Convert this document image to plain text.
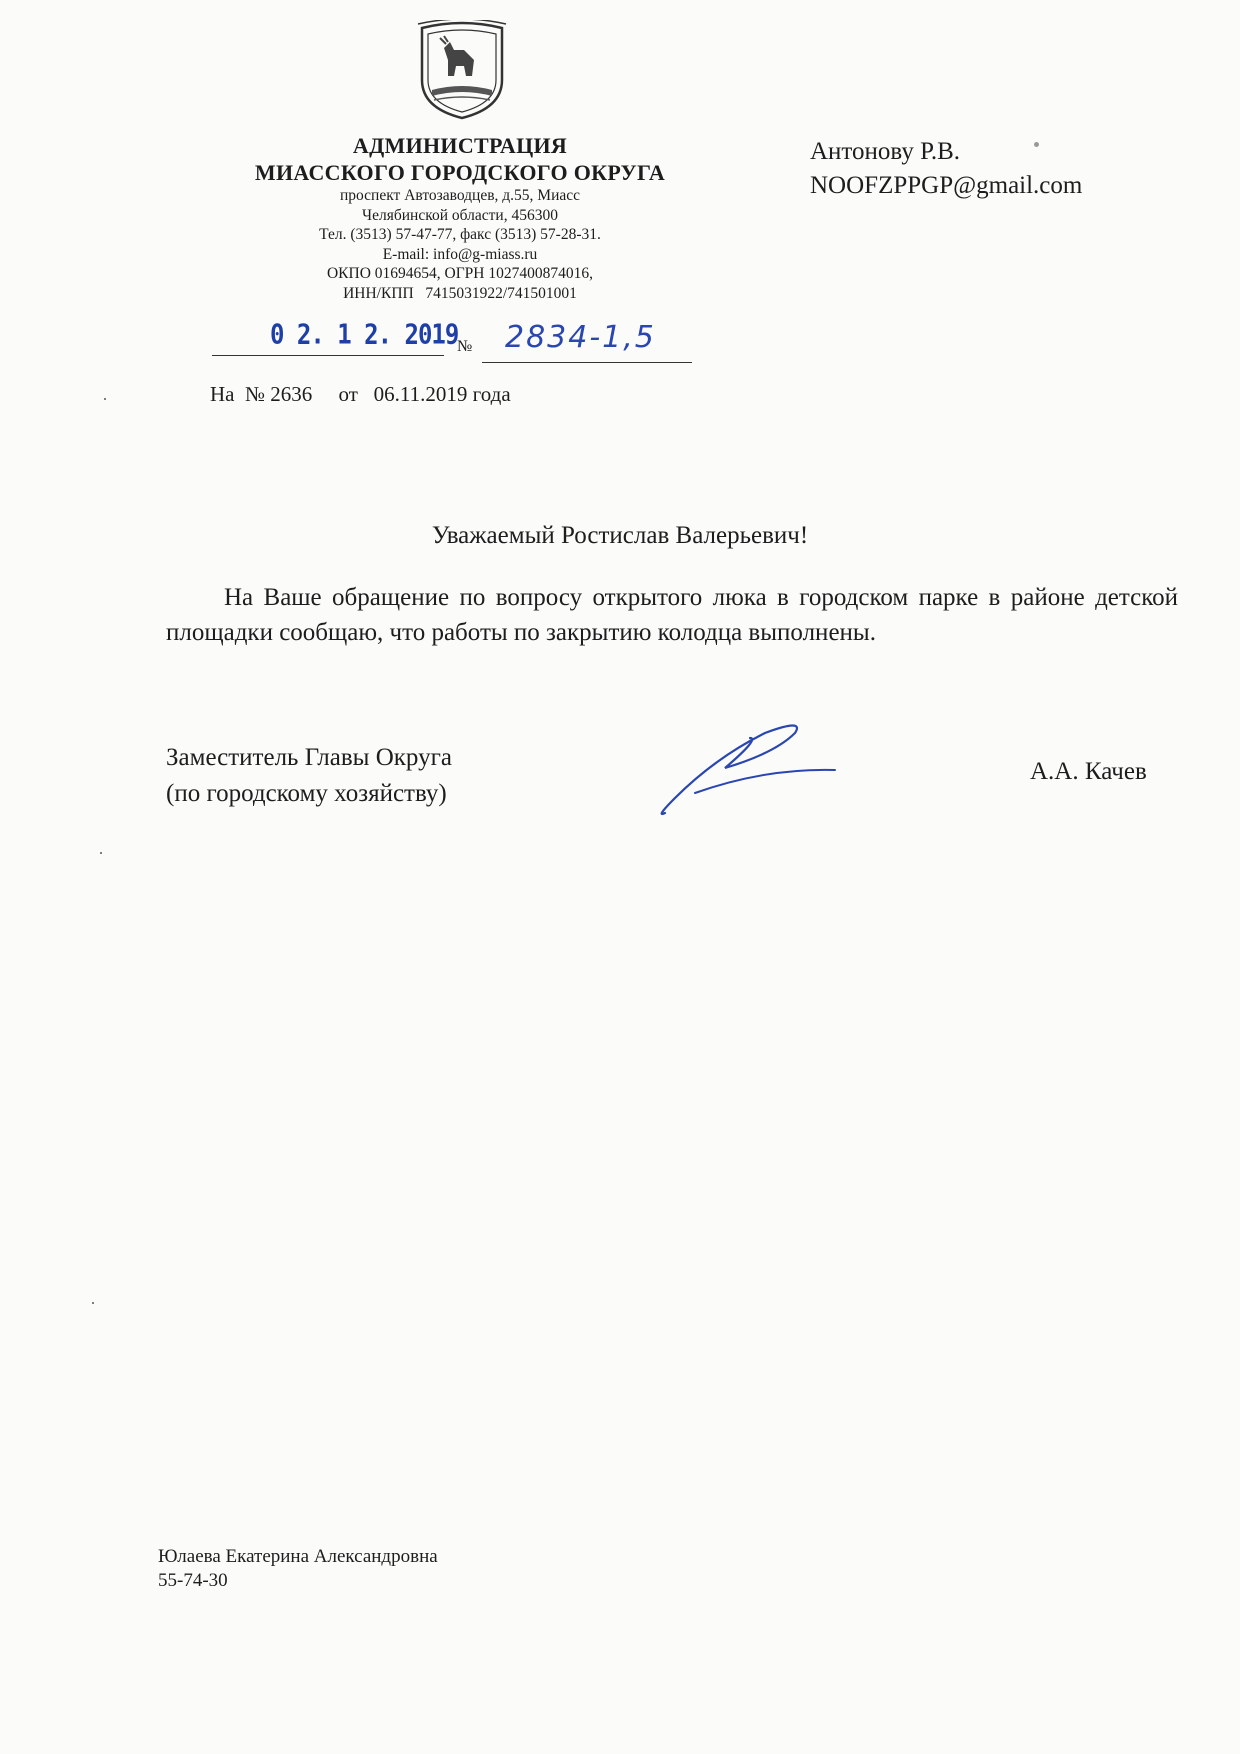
АДМИНИСТРАЦИЯ
МИАССКОГО ГОРОДСКОГО ОКРУГА
проспект Автозаводцев, д.55, Миасс
Челябинской области, 456300
Тел. (3513) 57-47-77, факс (3513) 57-28-31.
E-mail: info@g-miass.ru
ОКПО 01694654, ОГРН 1027400874016,
ИНН/КПП   7415031922/741501001
Антонову Р.В.
NOOFZPPGP@gmail.com
0 2. 1 2. 2019
№ 2834-1,5
На  № 2636     от   06.11.2019 года
Уважаемый Ростислав Валерьевич!
На Ваше обращение по вопросу открытого люка в городском парке в районе детской площадки сообщаю, что работы по закрытию колодца выполнены.
Заместитель Главы Округа
(по городскому хозяйству)
А.А. Качев
Юлаева Екатерина Александровна
55-74-30
